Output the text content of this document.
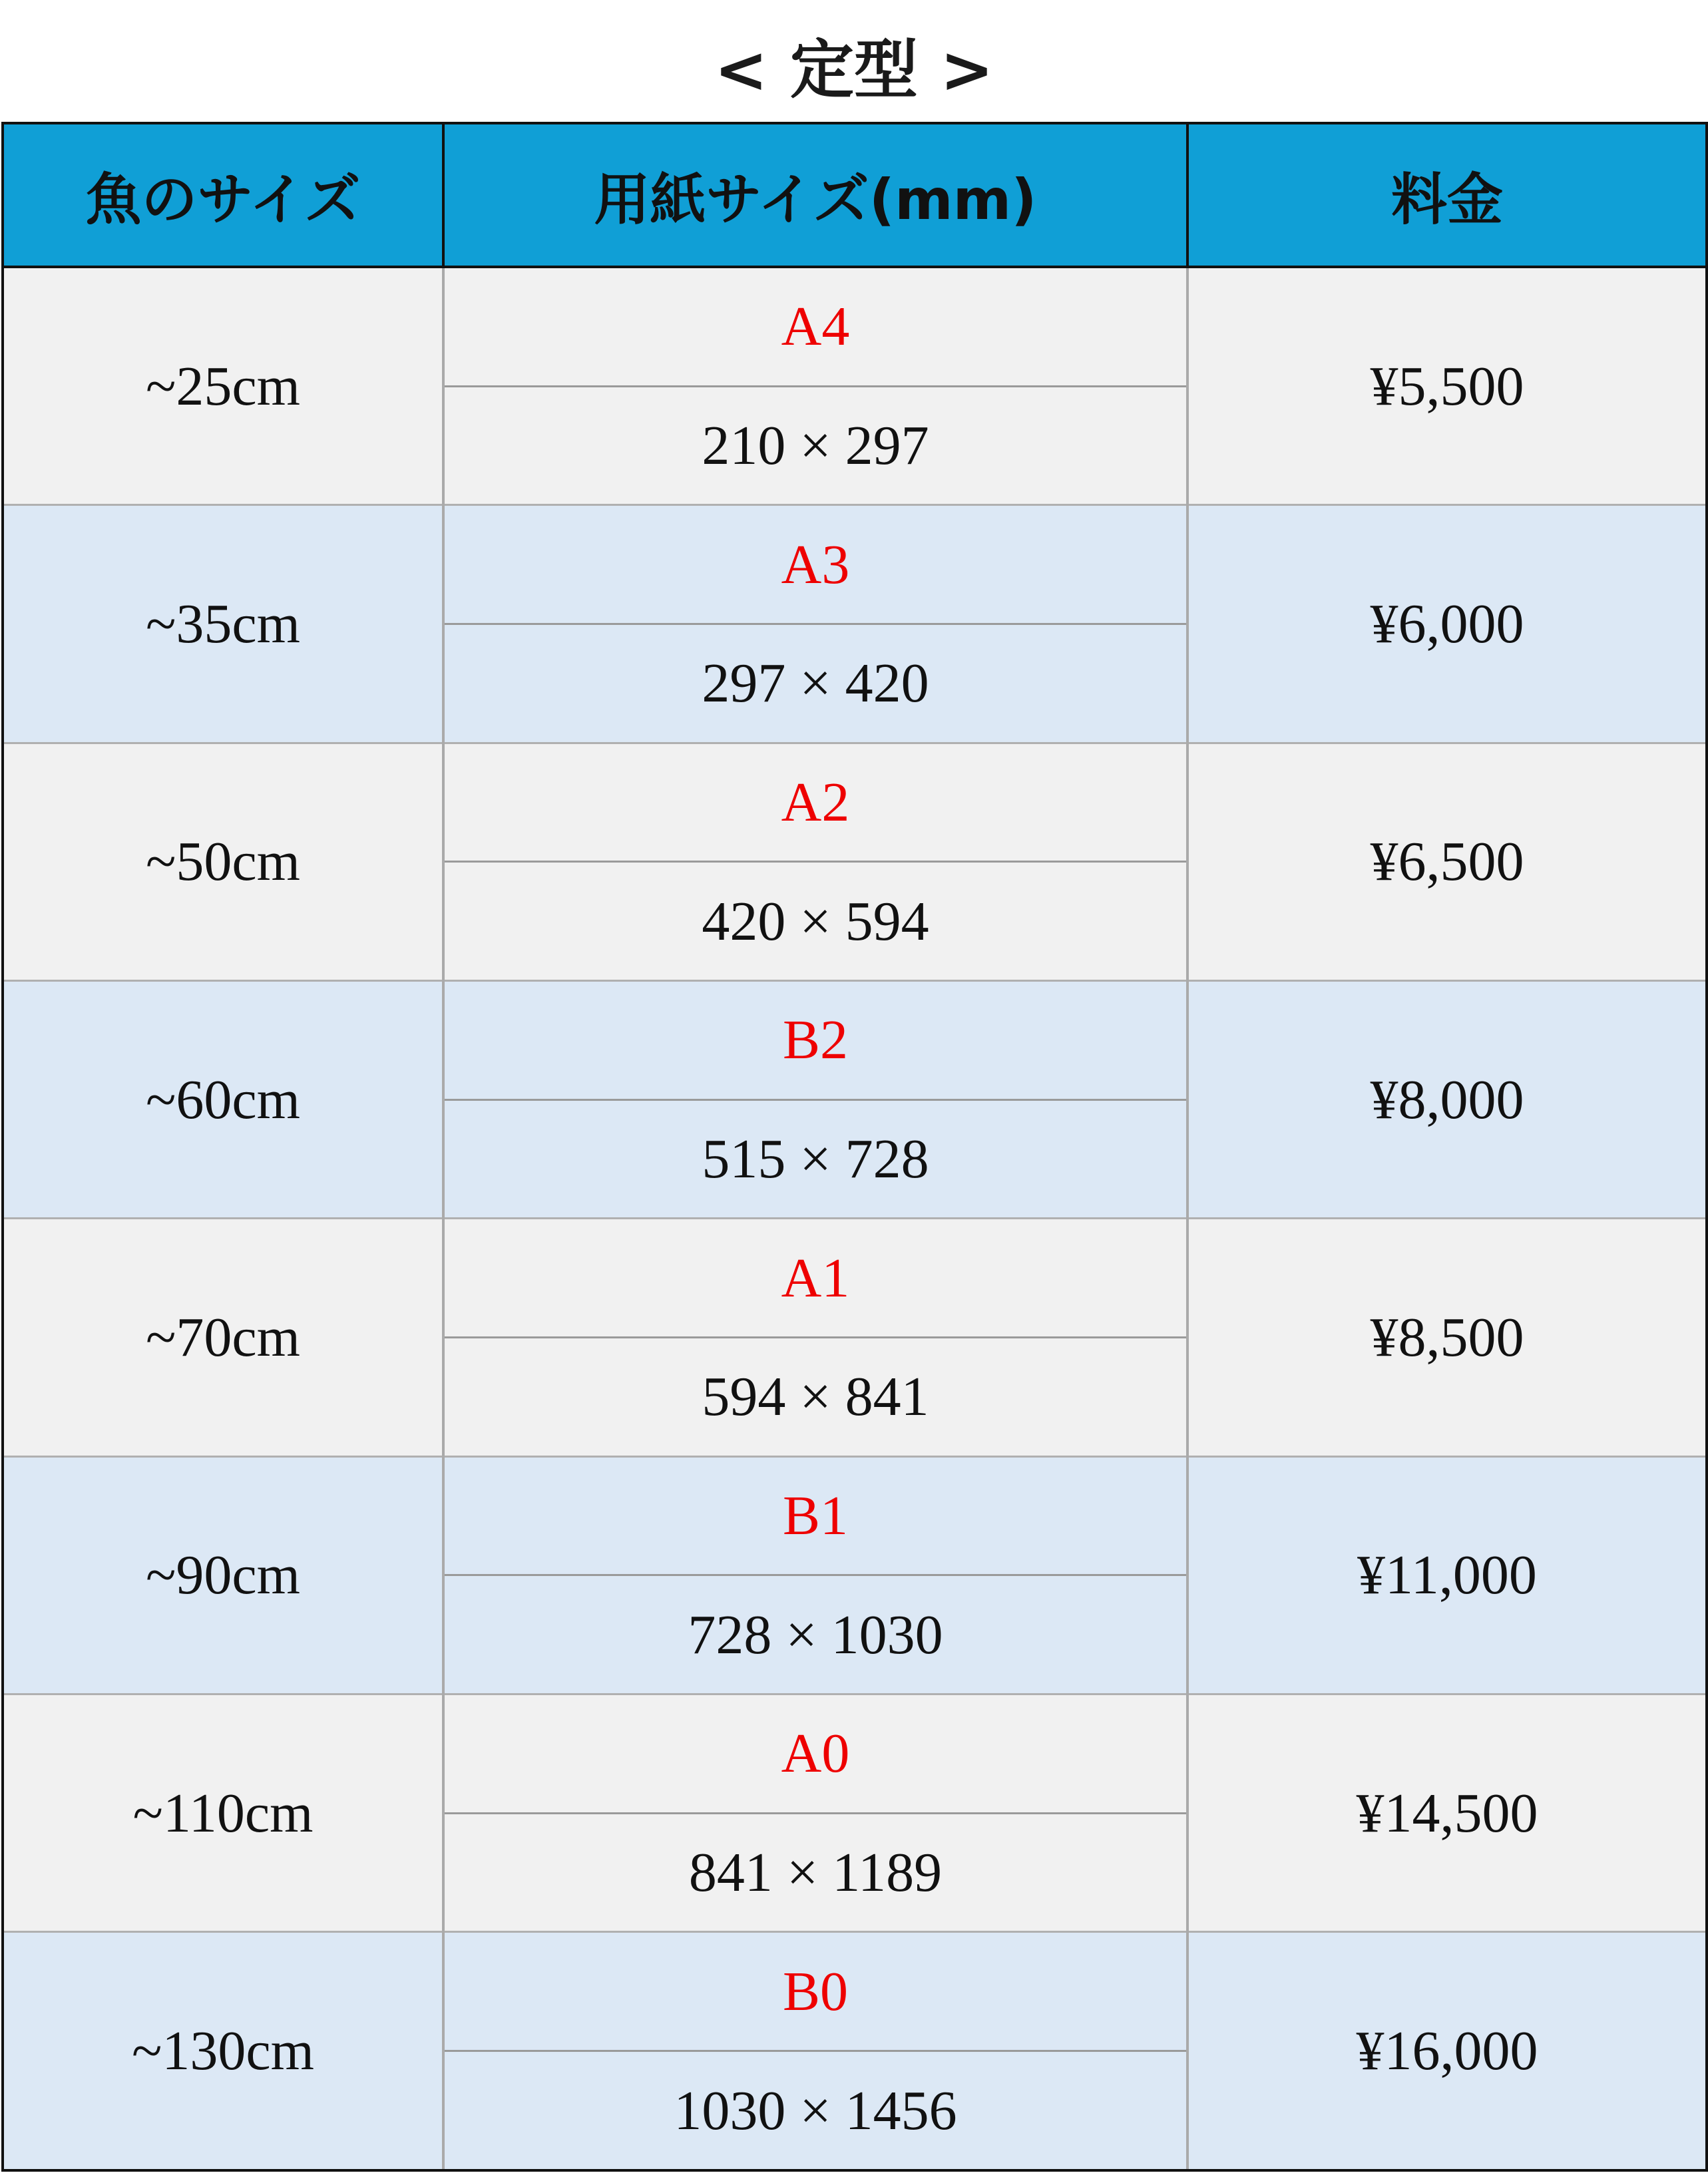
< 定型 >
魚のサイズ	用紙サイズ(mm)	料金
~25cm	A4	¥5,500
	210 × 297	
~35cm	A3	¥6,000
	297 × 420	
~50cm	A2	¥6,500
	420 × 594	
~60cm	B2	¥8,000
	515 × 728	
~70cm	A1	¥8,500
	594 × 841	
~90cm	B1	¥11,000
	728 × 1030	
~110cm	A0	¥14,500
	841 × 1189	
~130cm	B0	¥16,000
	1030 × 1456	
